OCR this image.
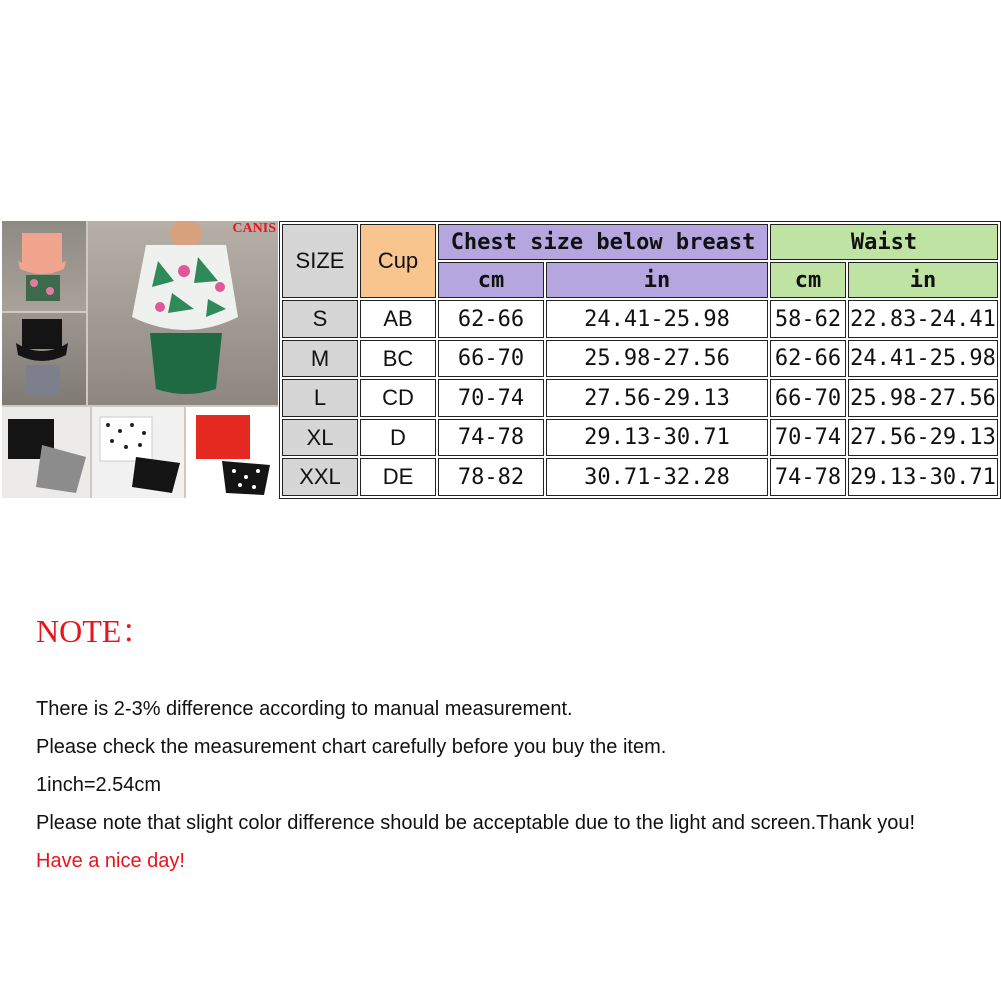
CANIS
SIZE	Cup	Chest size below breast		Waist	
		cm	in	cm	in
S	AB	62-66	24.41-25.98	58-62	22.83-24.41
M	BC	66-70	25.98-27.56	62-66	24.41-25.98
L	CD	70-74	27.56-29.13	66-70	25.98-27.56
XL	D	74-78	29.13-30.71	70-74	27.56-29.13
XXL	DE	78-82	30.71-32.28	74-78	29.13-30.71
NOTE：
There is 2-3% difference according to manual measurement.
Please check the measurement chart carefully before you buy the item.
1inch=2.54cm
Please note that slight color difference should be acceptable due to the light and screen.Thank you!
Have a nice day!
